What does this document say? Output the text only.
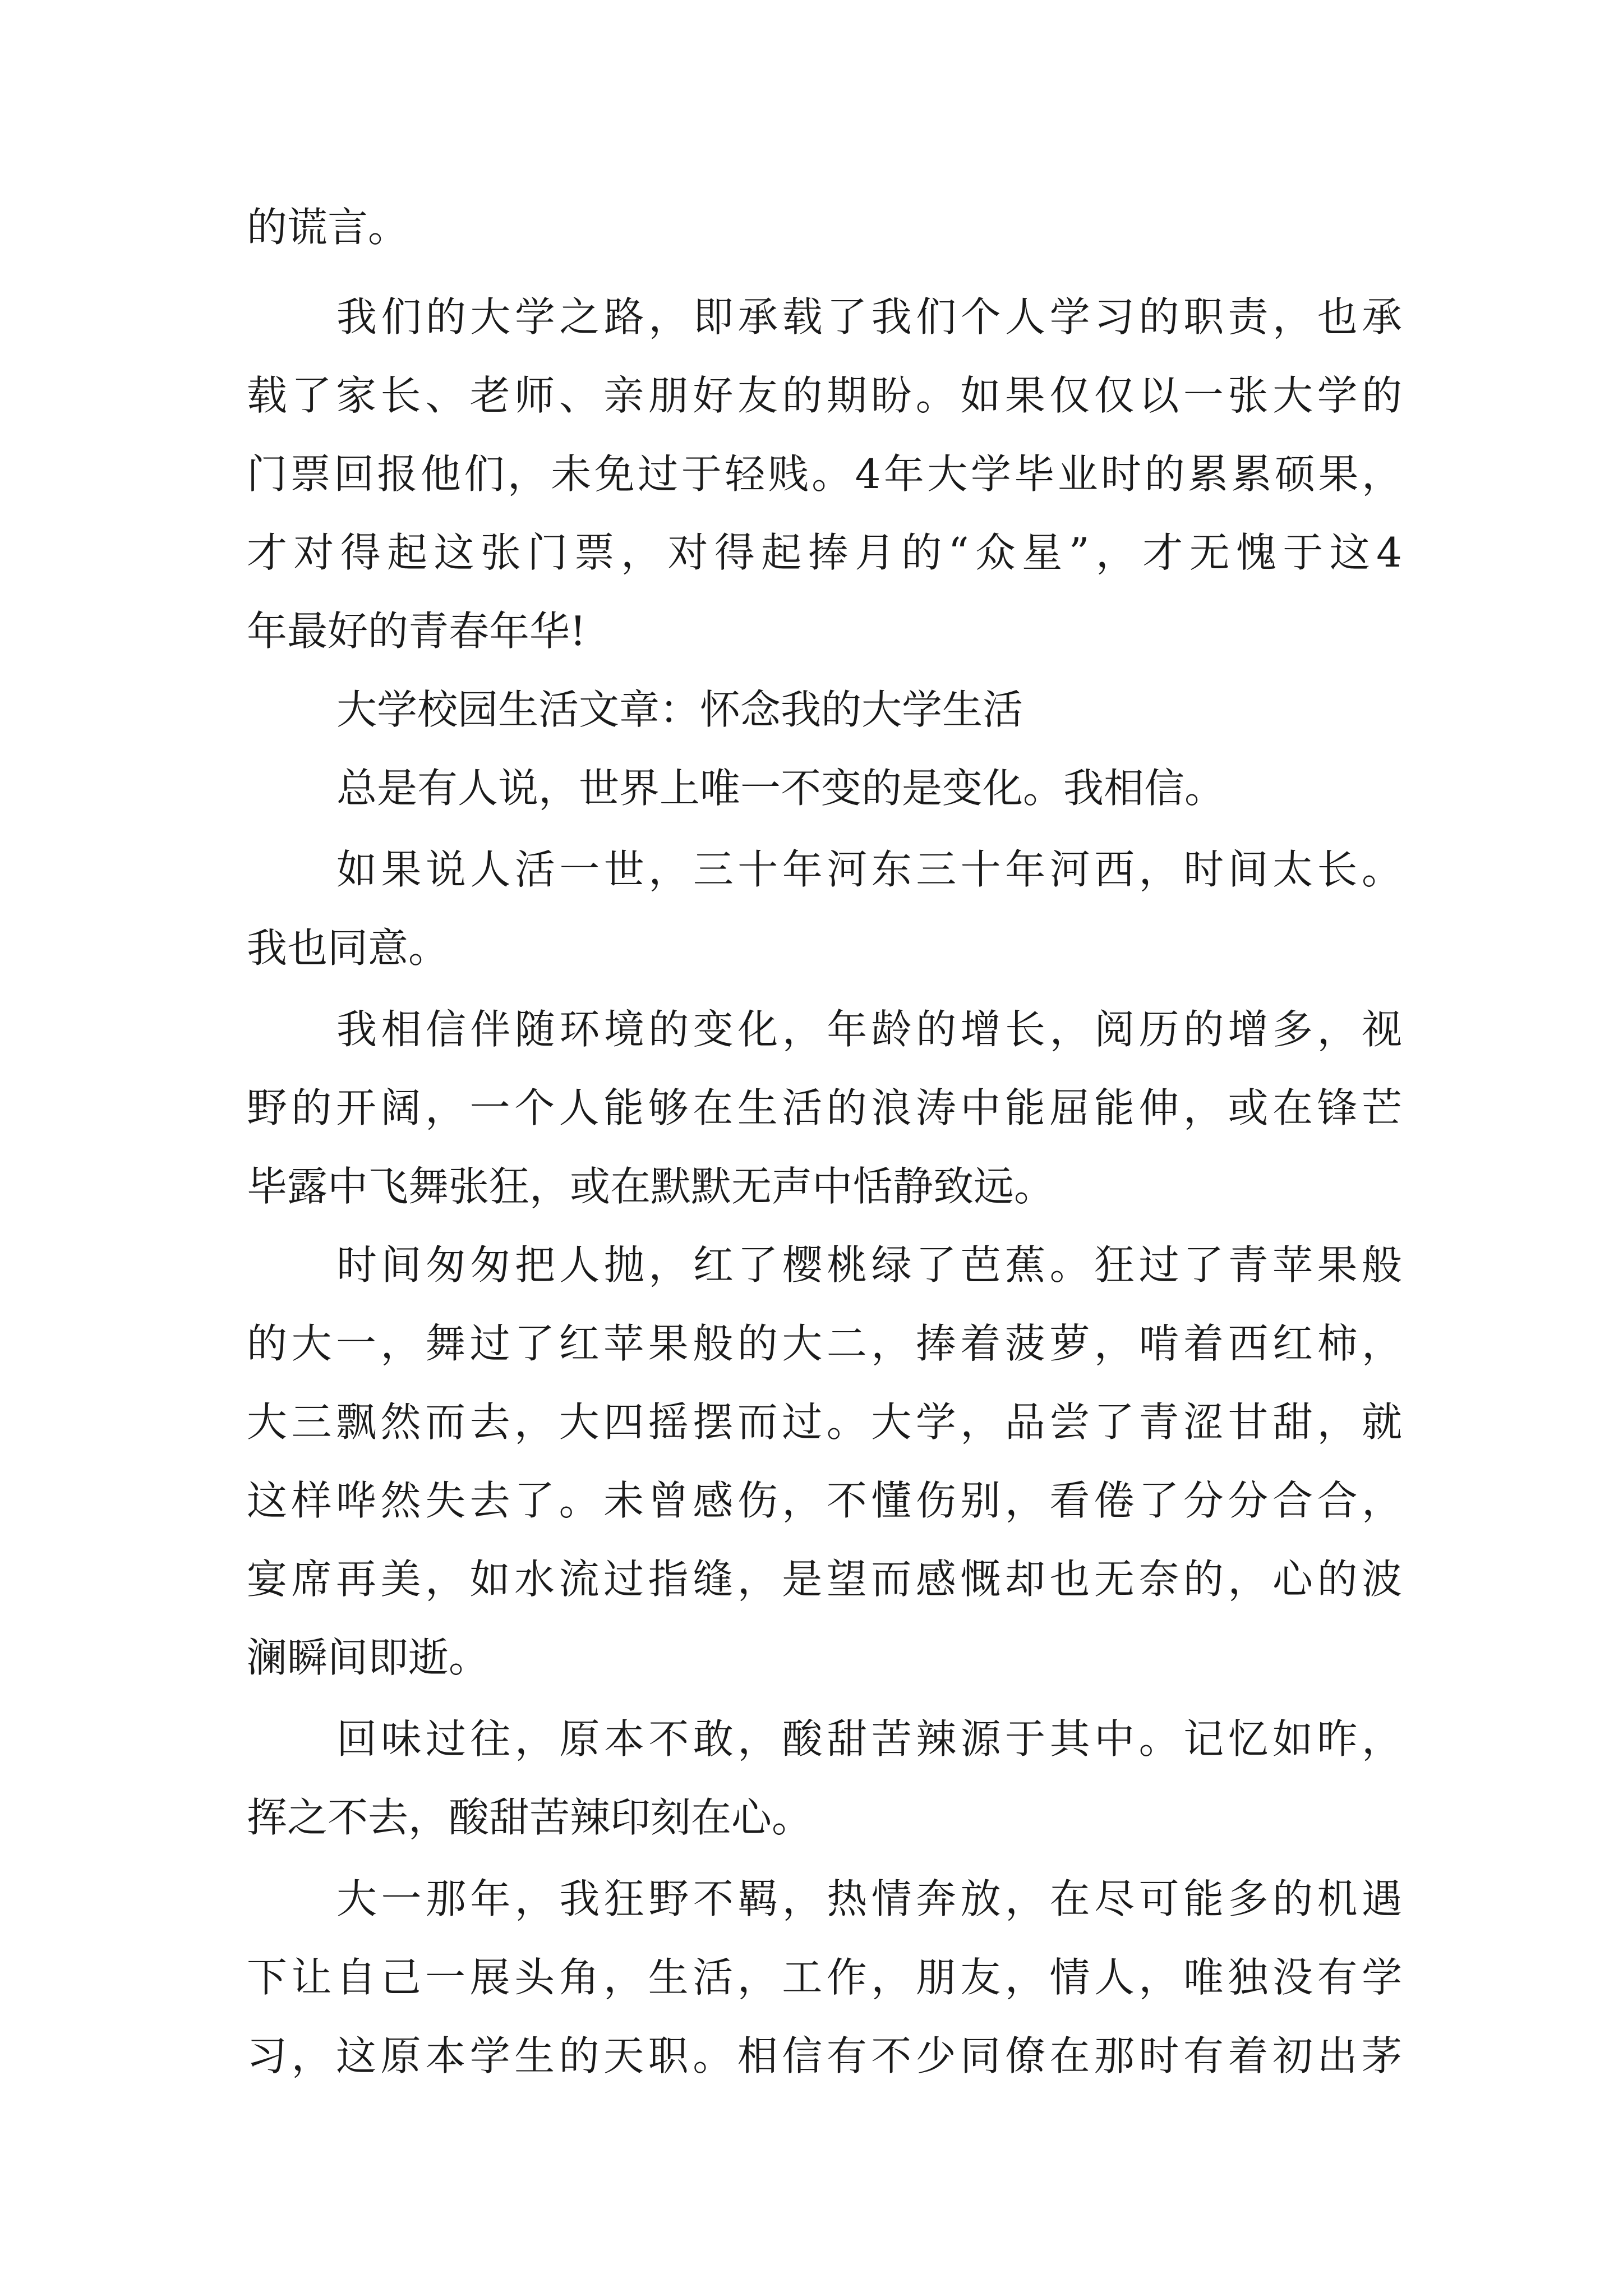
的谎言。

我们的大学之路，即承载了我们个人学习的职责，也承

载了家长、老师、亲朋好友的期盼。如果仅仅以一张大学的

门票回报他们，未免过于轻贱。4年大学毕业时的累累硕果，

才对得起这张门票，对得起捧月的“众星”，才无愧于这4

年最好的青春年华!

大学校园生活文章：怀念我的大学生活

总是有人说，世界上唯一不变的是变化。我相信。

如果说人活一世，三十年河东三十年河西，时间太长。

我也同意。

我相信伴随环境的变化，年龄的增长，阅历的增多，视

野的开阔，一个人能够在生活的浪涛中能屈能伸，或在锋芒

毕露中飞舞张狂，或在默默无声中恬静致远。

时间匆匆把人抛，红了樱桃绿了芭蕉。狂过了青苹果般

的大一，舞过了红苹果般的大二，捧着菠萝，啃着西红柿，

大三飘然而去，大四摇摆而过。大学，品尝了青涩甘甜，就

这样哗然失去了。未曾感伤，不懂伤别，看倦了分分合合，

宴席再美，如水流过指缝，是望而感慨却也无奈的，心的波

澜瞬间即逝。

回味过往，原本不敢，酸甜苦辣源于其中。记忆如昨，

挥之不去，酸甜苦辣印刻在心。

大一那年，我狂野不羁，热情奔放，在尽可能多的机遇

下让自己一展头角，生活，工作，朋友，情人，唯独没有学

习，这原本学生的天职。相信有不少同僚在那时有着初出茅
